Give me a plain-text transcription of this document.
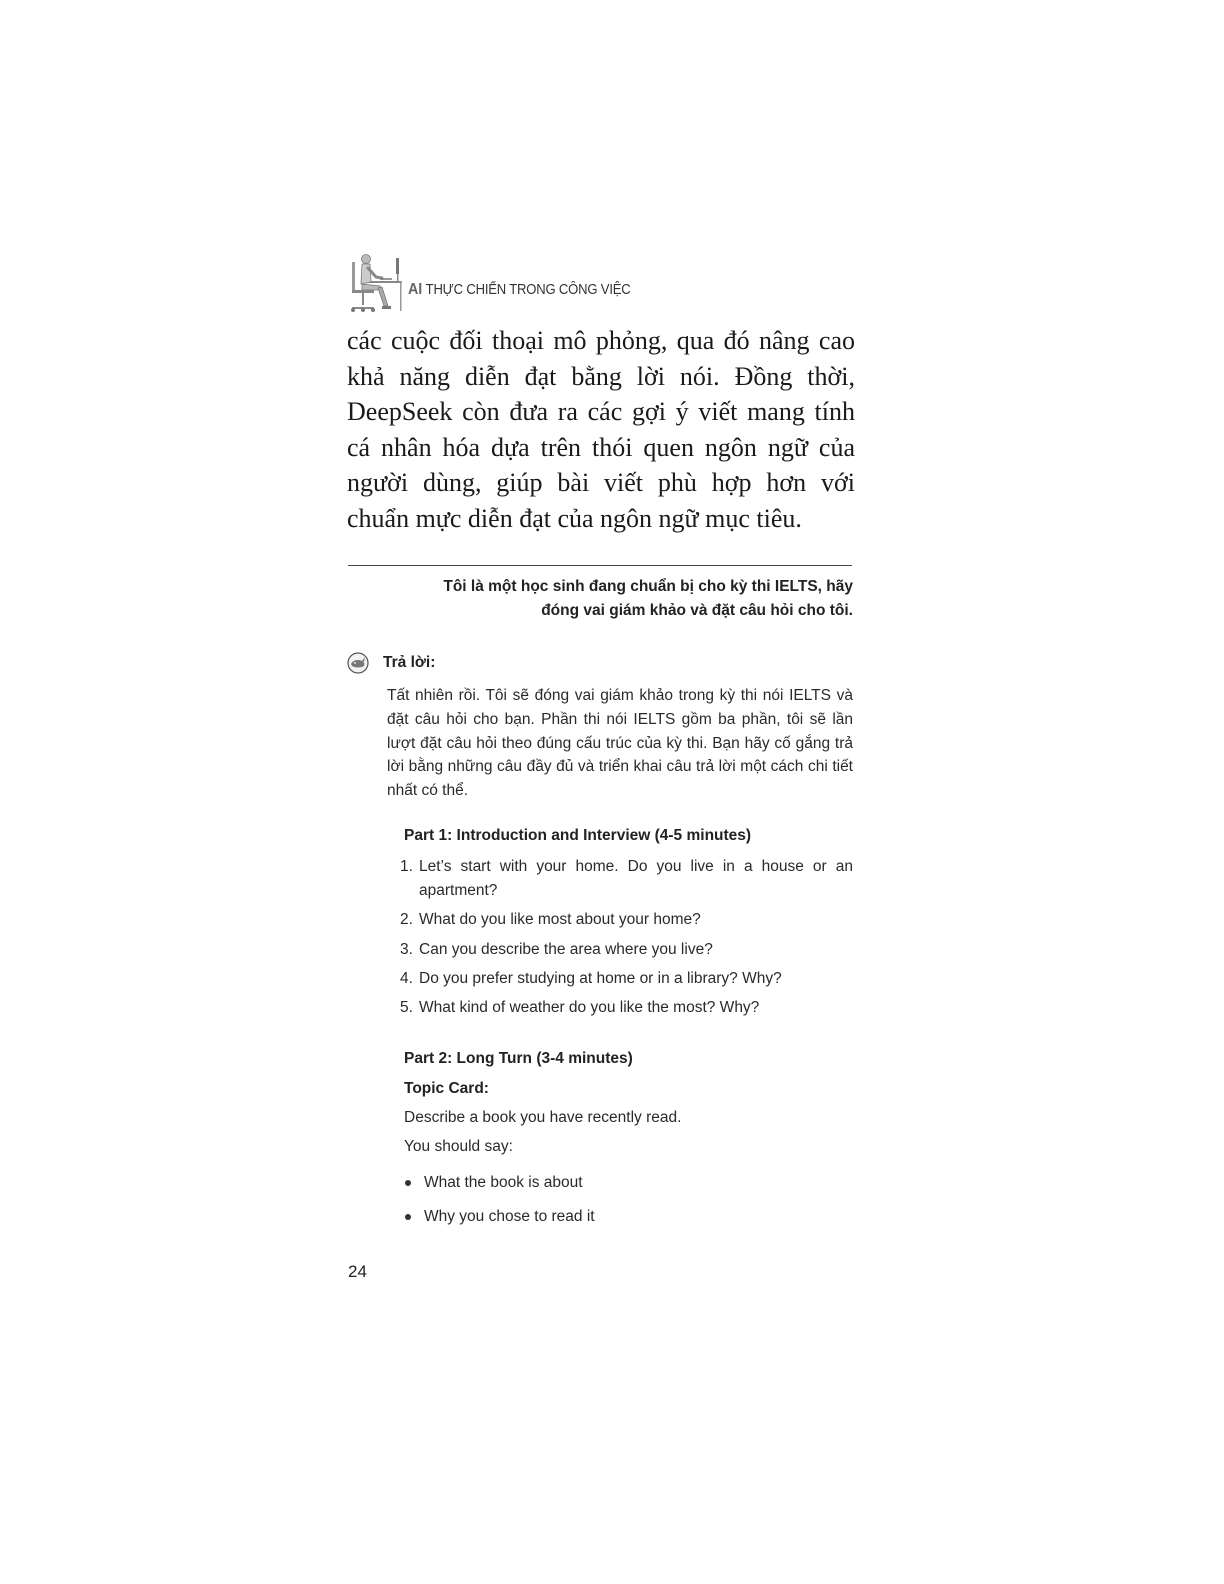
AI THỰC CHIẾN TRONG CÔNG VIỆC

các cuộc đối thoại mô phỏng, qua đó nâng cao khả năng diễn đạt bằng lời nói. Đồng thời, DeepSeek còn đưa ra các gợi ý viết mang tính cá nhân hóa dựa trên thói quen ngôn ngữ của người dùng, giúp bài viết phù hợp hơn với chuẩn mực diễn đạt của ngôn ngữ mục tiêu.

Tôi là một học sinh đang chuẩn bị cho kỳ thi IELTS, hãy
đóng vai giám khảo và đặt câu hỏi cho tôi.
Trả lời:

Tất nhiên rồi. Tôi sẽ đóng vai giám khảo trong kỳ thi nói IELTS và đặt câu hỏi cho bạn. Phần thi nói IELTS gồm ba phần, tôi sẽ lần lượt đặt câu hỏi theo đúng cấu trúc của kỳ thi. Bạn hãy cố gắng trả lời bằng những câu đầy đủ và triển khai câu trả lời một cách chi tiết nhất có thể.

Part 1: Introduction and Interview (4-5 minutes)
1. Let’s start with your home. Do you live in a house or an apartment?
2. What do you like most about your home?
3. Can you describe the area where you live?
4. Do you prefer studying at home or in a library? Why?
5. What kind of weather do you like the most? Why?
Part 2: Long Turn (3-4 minutes)
Topic Card:
Describe a book you have recently read.
You should say:
What the book is about
Why you chose to read it
24
